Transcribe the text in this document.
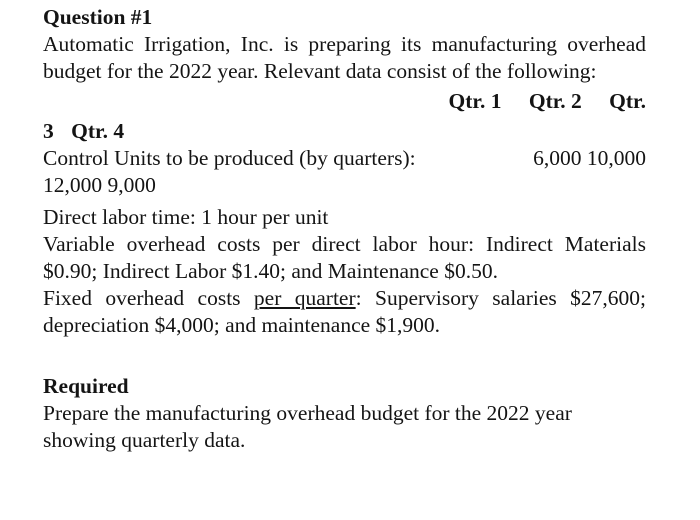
Question #1

Automatic Irrigation, Inc. is preparing its manufacturing overhead budget for the 2022 year. Relevant data consist of the following:

Qtr. 1 Qtr. 2 Qtr.
3 Qtr. 4
Control Units to be produced (by quarters):	6,000 10,000
12,000 9,000

Direct labor time: 1 hour per unit

Variable overhead costs per direct labor hour: Indirect Materials $0.90; Indirect Labor $1.40; and Maintenance $0.50.

Fixed overhead costs per quarter: Supervisory salaries $27,600; depreciation $4,000; and maintenance $1,900.

Required

Prepare the manufacturing overhead budget for the 2022 year showing quarterly data.
